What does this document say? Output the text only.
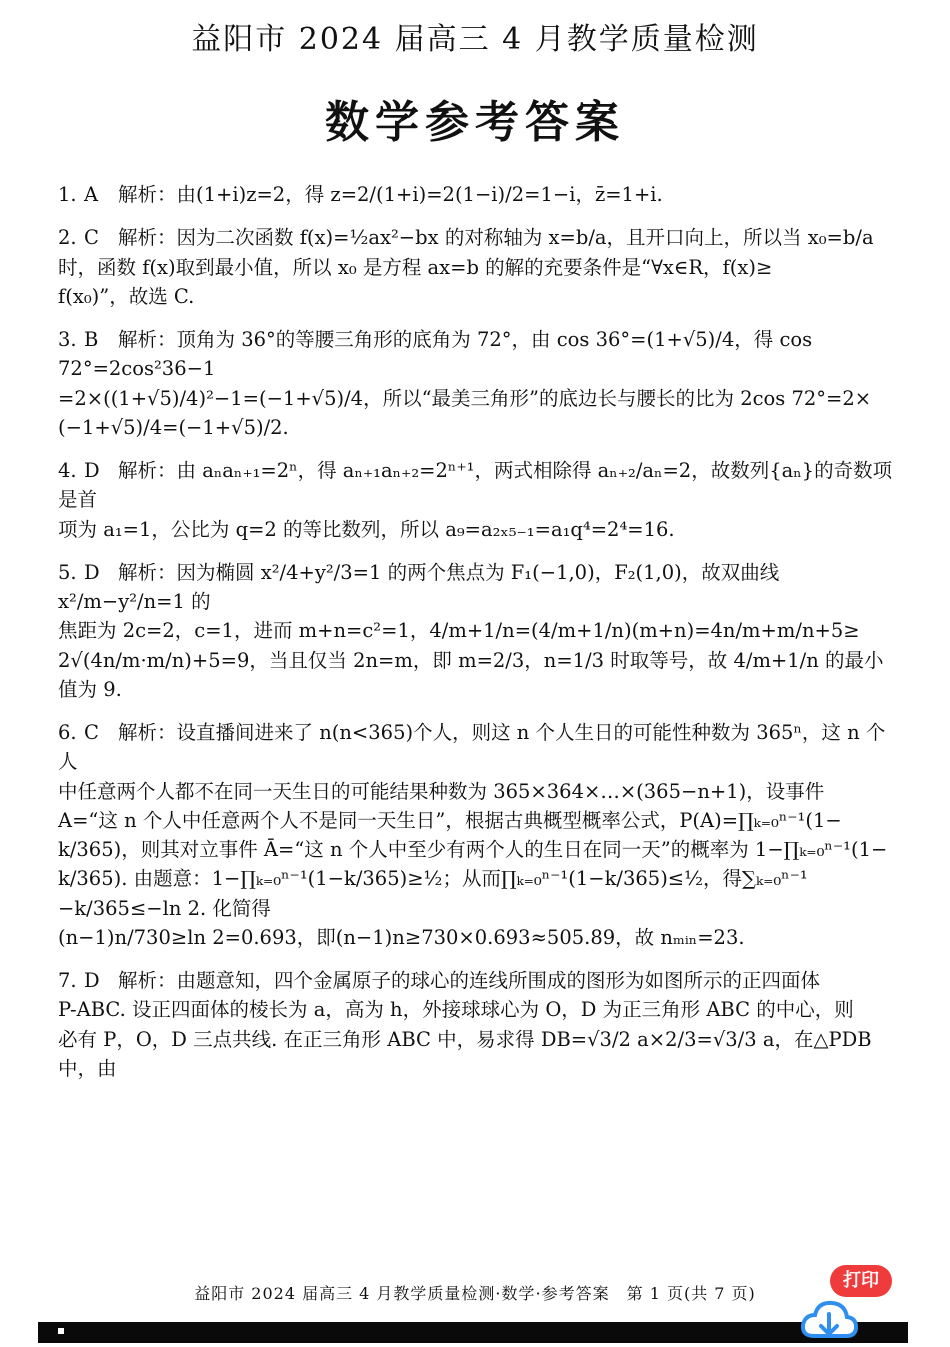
益阳市 2024 届高三 4 月教学质量检测
数学参考答案
1. A 解析：由(1+i)z=2，得 z=2/(1+i)=2(1−i)/2=1−i，z̄=1+i.
2. C 解析：因为二次函数 f(x)=½ax²−bx 的对称轴为 x=b/a，且开口向上，所以当 x₀=b/a
时，函数 f(x)取到最小值，所以 x₀ 是方程 ax=b 的解的充要条件是“∀x∈R，f(x)≥
f(x₀)”，故选 C.
3. B 解析：顶角为 36°的等腰三角形的底角为 72°，由 cos 36°=(1+√5)/4，得 cos 72°=2cos²36−1
=2×((1+√5)/4)²−1=(−1+√5)/4，所以“最美三角形”的底边长与腰长的比为 2cos 72°=2×
(−1+√5)/4=(−1+√5)/2.
4. D 解析：由 aₙaₙ₊₁=2ⁿ，得 aₙ₊₁aₙ₊₂=2ⁿ⁺¹，两式相除得 aₙ₊₂/aₙ=2，故数列{aₙ}的奇数项是首
项为 a₁=1，公比为 q=2 的等比数列，所以 a₉=a₂ₓ₅₋₁=a₁q⁴=2⁴=16.
5. D 解析：因为椭圆 x²/4+y²/3=1 的两个焦点为 F₁(−1,0)，F₂(1,0)，故双曲线 x²/m−y²/n=1 的
焦距为 2c=2，c=1，进而 m+n=c²=1，4/m+1/n=(4/m+1/n)(m+n)=4n/m+m/n+5≥
2√(4n/m·m/n)+5=9，当且仅当 2n=m，即 m=2/3，n=1/3 时取等号，故 4/m+1/n 的最小值为 9.
6. C 解析：设直播间进来了 n(n<365)个人，则这 n 个人生日的可能性种数为 365ⁿ，这 n 个人
中任意两个人都不在同一天生日的可能结果种数为 365×364×…×(365−n+1)，设事件
A=“这 n 个人中任意两个人不是同一天生日”，根据古典概型概率公式，P(A)=∏ₖ₌₀ⁿ⁻¹(1−
k/365)，则其对立事件 Ā=“这 n 个人中至少有两个人的生日在同一天”的概率为 1−∏ₖ₌₀ⁿ⁻¹(1−
k/365). 由题意：1−∏ₖ₌₀ⁿ⁻¹(1−k/365)≥½；从而∏ₖ₌₀ⁿ⁻¹(1−k/365)≤½，得∑ₖ₌₀ⁿ⁻¹ −k/365≤−ln 2. 化简得
(n−1)n/730≥ln 2=0.693，即(n−1)n≥730×0.693≈505.89，故 nₘᵢₙ=23.
7. D 解析：由题意知，四个金属原子的球心的连线所围成的图形为如图所示的正四面体
P-ABC. 设正四面体的棱长为 a，高为 h，外接球球心为 O，D 为正三角形 ABC 的中心，则
必有 P，O，D 三点共线. 在正三角形 ABC 中，易求得 DB=√3/2 a×2/3=√3/3 a，在△PDB 中，由
益阳市 2024 届高三 4 月教学质量检测·数学·参考答案　第 1 页(共 7 页)
打印
